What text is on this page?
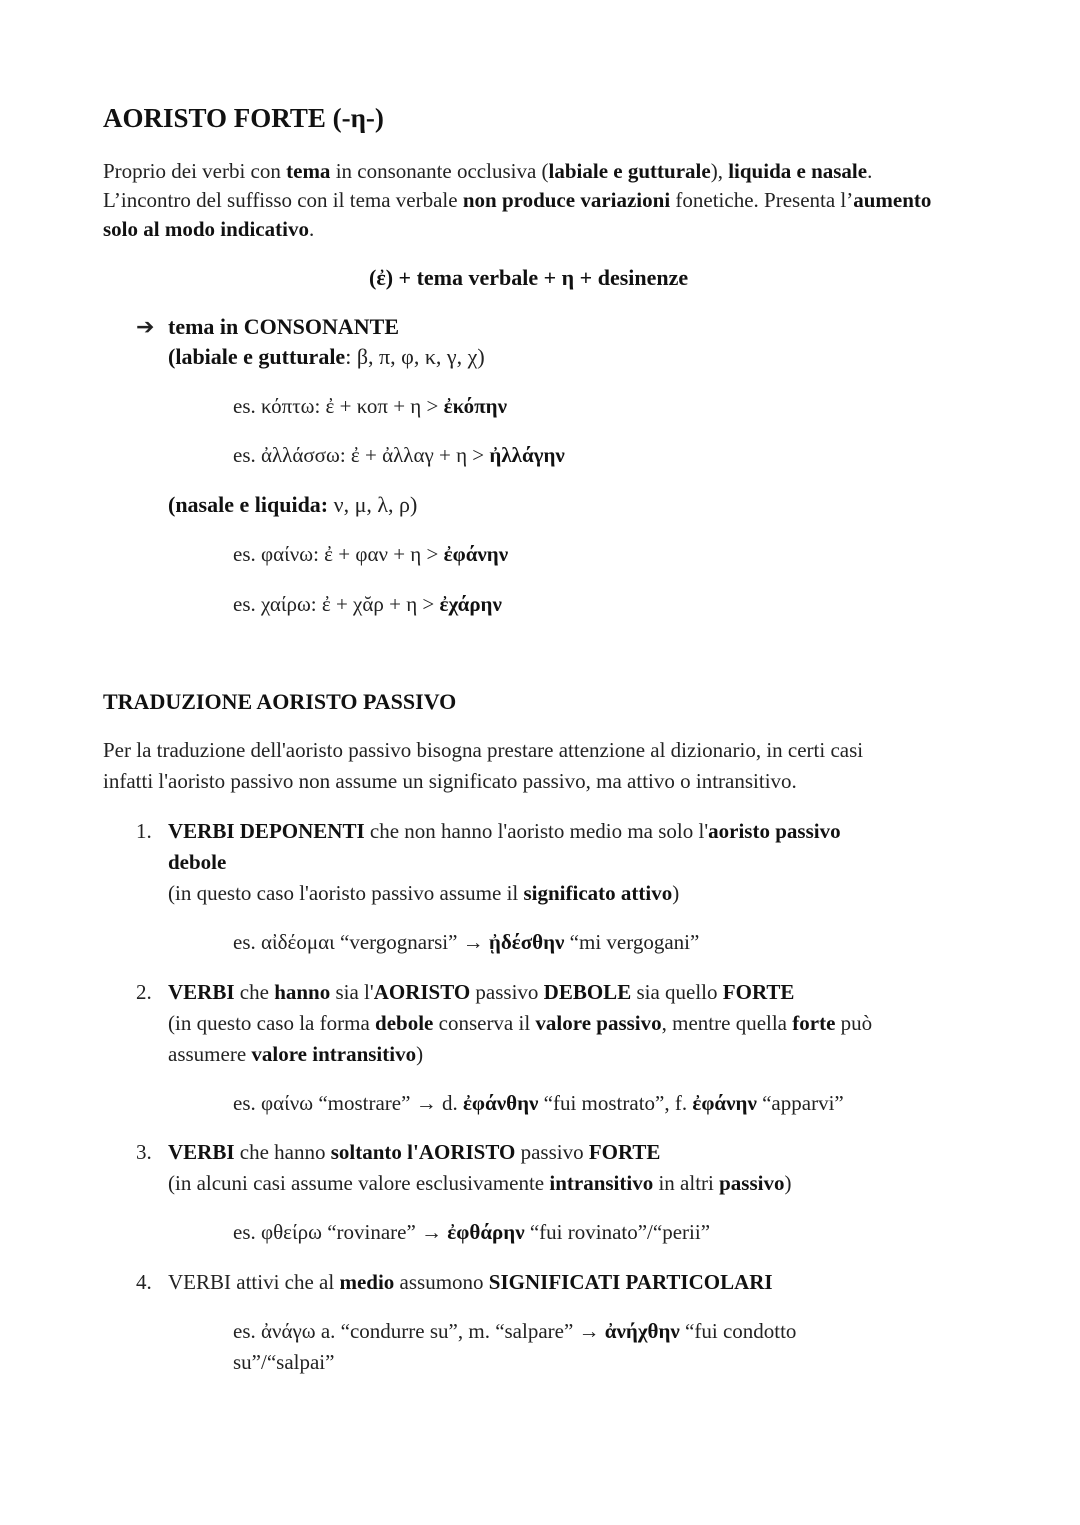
AORISTO FORTE (-η-)
Proprio dei verbi con tema in consonante occlusiva (labiale e gutturale), liquida e nasale.
L’incontro del suffisso con il tema verbale non produce variazioni fonetiche. Presenta l’aumento
solo al modo indicativo.
(ἐ) + tema verbale + η + desinenze
➔ tema in CONSONANTE
(labiale e gutturale: β, π, φ, κ, γ, χ)
es. κόπτω: ἐ + κοπ + η > ἐκόπην
es. ἀλλάσσω: ἐ + ἀλλαγ + η > ἠλλάγην
(nasale e liquida: ν, μ, λ, ρ)
es. φαίνω: ἐ + φαν + η > ἐφάνην
es. χαίρω: ἐ + χᾰρ + η > ἐχάρην
TRADUZIONE AORISTO PASSIVO
Per la traduzione dell'aoristo passivo bisogna prestare attenzione al dizionario, in certi casi
infatti l'aoristo passivo non assume un significato passivo, ma attivo o intransitivo.
1. VERBI DEPONENTI che non hanno l'aoristo medio ma solo l'aoristo passivo
debole
(in questo caso l'aoristo passivo assume il significato attivo)
es. αἰδέομαι “vergognarsi” → ᾐδέσθην “mi vergogani”
2. VERBI che hanno sia l'AORISTO passivo DEBOLE sia quello FORTE
(in questo caso la forma debole conserva il valore passivo, mentre quella forte può
assumere valore intransitivo)
es. φαίνω “mostrare” → d. ἐφάνθην “fui mostrato”, f. ἐφάνην “apparvi”
3. VERBI che hanno soltanto l'AORISTO passivo FORTE
(in alcuni casi assume valore esclusivamente intransitivo in altri passivo)
es. φθείρω “rovinare” → ἐφθάρην “fui rovinato”/“perii”
4. VERBI attivi che al medio assumono SIGNIFICATI PARTICOLARI
es. ἀνάγω a. “condurre su”, m. “salpare” → ἀνήχθην “fui condotto
su”/“salpai”
